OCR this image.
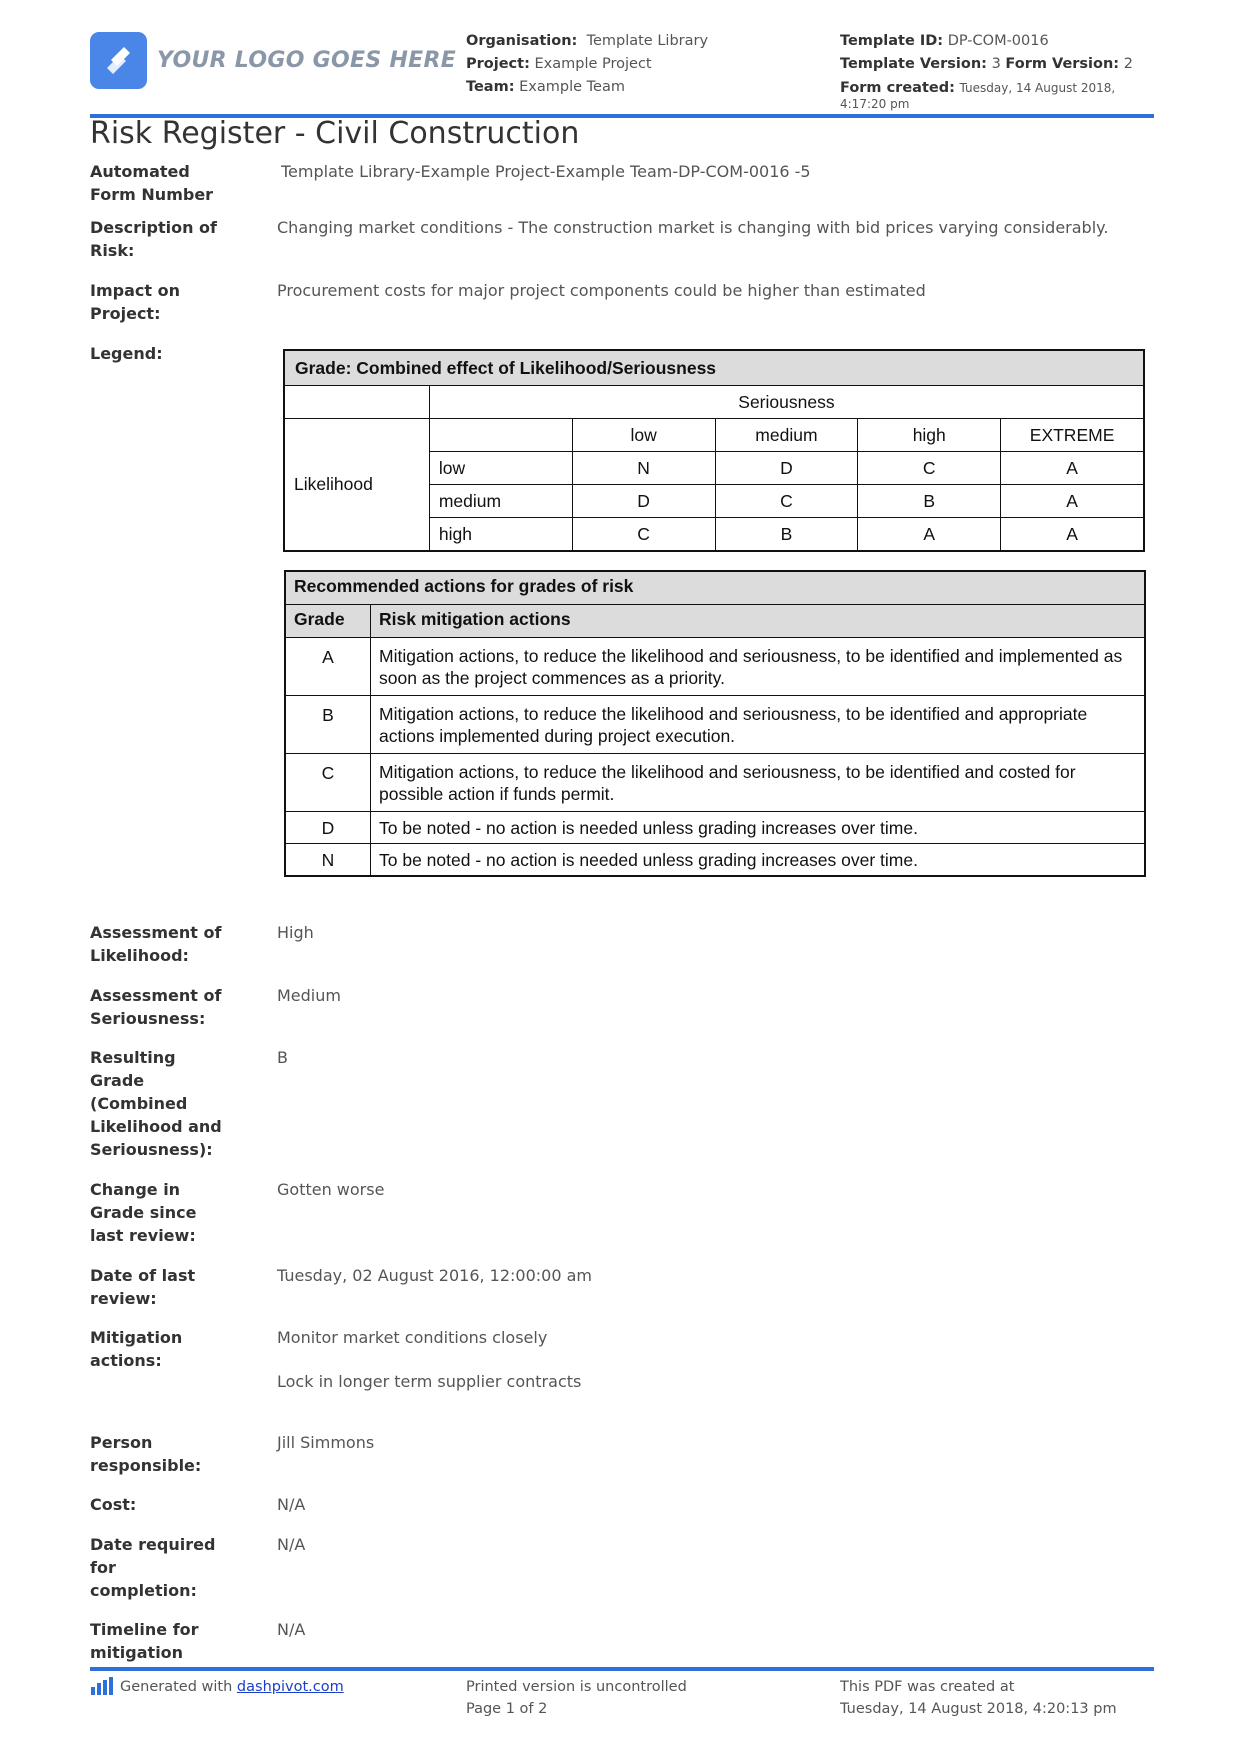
YOUR LOGO GOES HERE
Organisation: Template Library
Project: Example Project
Team: Example Team
Template ID: DP-COM-0016
Template Version: 3 Form Version: 2
Form created: Tuesday, 14 August 2018, 4:17:20 pm
Risk Register - Civil Construction
Automated Form Number
Template Library-Example Project-Example Team-DP-COM-0016 -5
Description of Risk:
Changing market conditions - The construction market is changing with bid prices varying considerably.
Impact on Project:
Procurement costs for major project components could be higher than estimated
Legend:
Grade: Combined effect of Likelihood/Seriousness					
	Seriousness				
Likelihood		low	medium	high	EXTREME
	low	N	D	C	A
	medium	D	C	B	A
	high	C	B	A	A
Recommended actions for grades of risk	
Grade	Risk mitigation actions
A	Mitigation actions, to reduce the likelihood and seriousness, to be identified and implemented as soon as the project commences as a priority.
B	Mitigation actions, to reduce the likelihood and seriousness, to be identified and appropriate actions implemented during project execution.
C	Mitigation actions, to reduce the likelihood and seriousness, to be identified and costed for possible action if funds permit.
D	To be noted - no action is needed unless grading increases over time.
N	To be noted - no action is needed unless grading increases over time.
Assessment of Likelihood:
High
Assessment of Seriousness:
Medium
Resulting Grade (Combined Likelihood and Seriousness):
B
Change in Grade since last review:
Gotten worse
Date of last review:
Tuesday, 02 August 2016, 12:00:00 am
Mitigation actions:
Monitor market conditions closely
Lock in longer term supplier contracts
Person responsible:
Jill Simmons
Cost:	N/A
Date required for completion:
N/A
Timeline for mitigation
N/A
Generated with
dashpivot.com	Printed version is uncontrolled
Page 1 of 2
This PDF was created at
Tuesday, 14 August 2018, 4:20:13 pm
